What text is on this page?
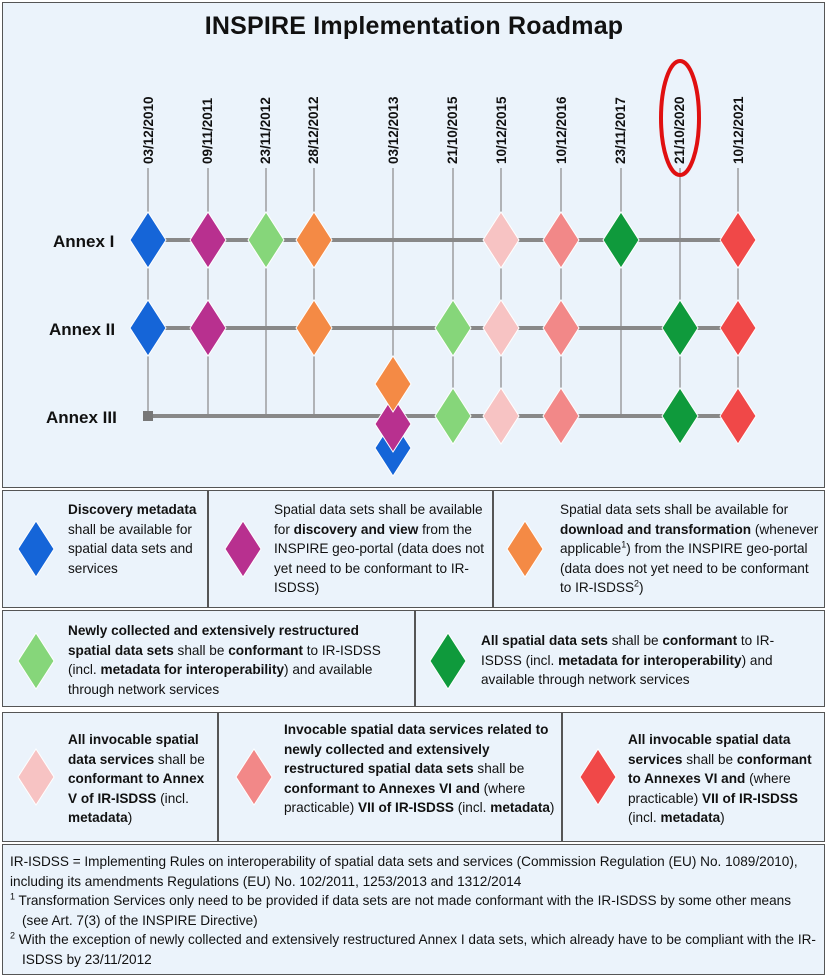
INSPIRE Implementation Roadmap
03/12/2010	09/11/2011	23/11/2012 28/12/2012	03/12/2013	21/10/2015	10/12/2015	10/12/2016	23/11/2017	21/10/2020	10/12/2021
Annex I
Annex II
Annex III
Discovery metadata shall be available for spatial data sets and services
Spatial data sets shall be available for discovery and view from the INSPIRE geo-portal (data does not yet need to be conformant to IR-ISDSS)
Spatial data sets shall be available for download and transformation (whenever applicable$^1$) from the INSPIRE geo-portal (data does not yet need to be conformant to IR-ISDSS$^2$)
Newly collected and extensively restructured spatial data sets shall be conformant to IR-ISDSS (incl. metadata for interoperability) and available through network services
All spatial data sets shall be conformant to IR-ISDSS (incl. metadata for interoperability) and available through network services
All invocable spatial data services shall be conformant to Annex V of IR-ISDSS (incl. metadata)
Invocable spatial data services related to newly collected and extensively restructured spatial data sets shall be conformant to Annexes VI and (where practicable) VII of IR-ISDSS (incl. metadata)
All invocable spatial data services shall be conformant to Annexes VI and (where practicable) VII of IR-ISDSS (incl. metadata)

IR-ISDSS = Implementing Rules on interoperability of spatial data sets and services (Commission Regulation (EU) No. 1089/2010), including its amendments Regulations (EU) No. 102/2011, 1253/2013 and 1312/2014

$^1$ Transformation Services only need to be provided if data sets are not made conformant with the IR-ISDSS by some other means (see Art. 7(3) of the INSPIRE Directive)

$^2$ With the exception of newly collected and extensively restructured Annex I data sets, which already have to be compliant with the IR-ISDSS by 23/11/2012
